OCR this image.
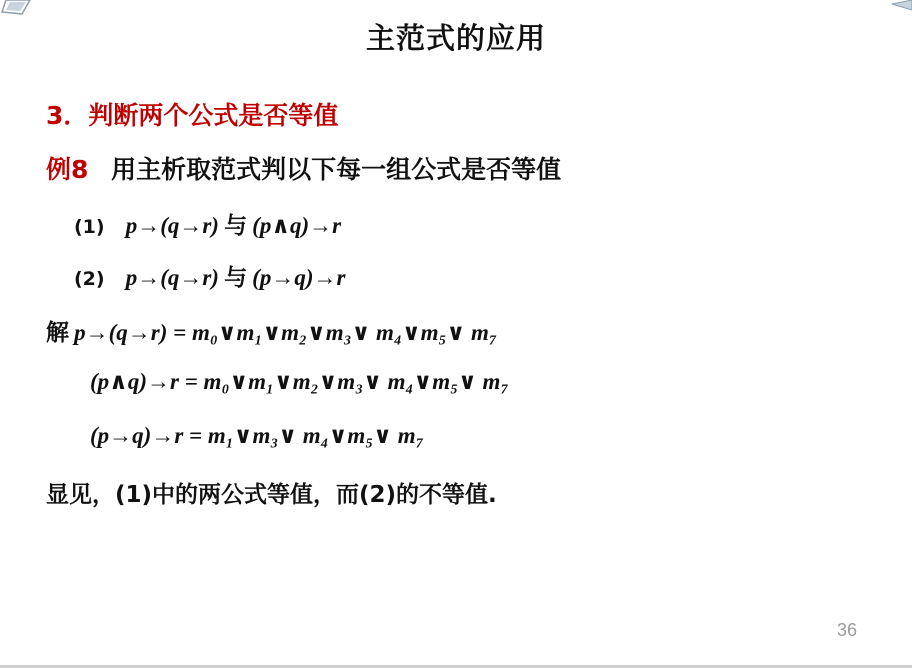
主范式的应用
3．判断两个公式是否等值
例8 用主析取范式判以下每一组公式是否等值
(1) p→(q→r) 与 (p∧q)→r
(2) p→(q→r) 与 (p→q)→r
解 p→(q→r) = m₀∨m₁∨m₂∨m₃∨ m₄∨m₅∨ m₇
(p∧q)→r = m₀∨m₁∨m₂∨m₃∨ m₄∨m₅∨ m₇
(p→q)→r = m₁∨m₃∨ m₄∨m₅∨ m₇
显见，(1)中的两公式等值，而(2)的不等值.
36
